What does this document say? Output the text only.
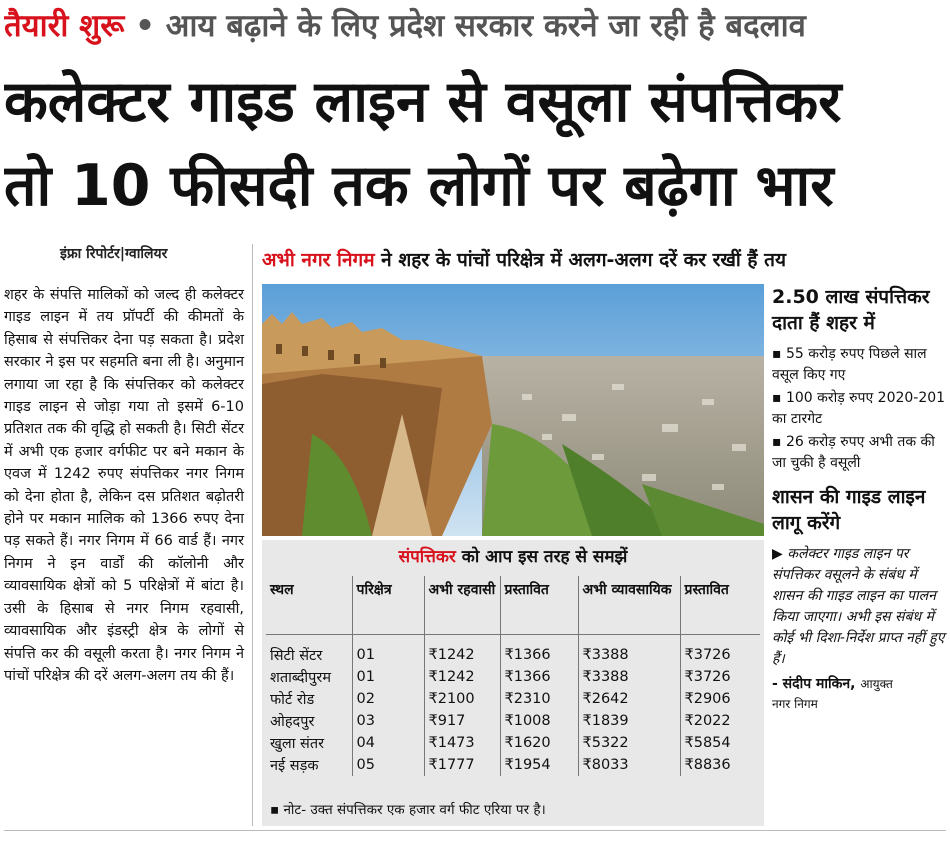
तैयारी शुरू • आय बढ़ाने के लिए प्रदेश सरकार करने जा रही है बदलाव
कलेक्टर गाइड लाइन से वसूला संपत्तिकर
तो 10 फीसदी तक लोगों पर बढ़ेगा भार
इंफ्रा रिपोर्टर|ग्वालियर
शहर के संपत्ति मालिकों को जल्द ही कलेक्टर गाइड लाइन में तय प्रॉपर्टी की कीमतों के हिसाब से संपत्तिकर देना पड़ सकता है। प्रदेश सरकार ने इस पर सहमति बना ली है। अनुमान लगाया जा रहा है कि संपत्तिकर को कलेक्टर गाइड लाइन से जोड़ा गया तो इसमें 6-10 प्रतिशत तक की वृद्धि हो सकती है। सिटी सेंटर में अभी एक हजार वर्गफीट पर बने मकान के एवज में 1242 रुपए संपत्तिकर नगर निगम को देना होता है, लेकिन दस प्रतिशत बढ़ोतरी होने पर मकान मालिक को 1366 रुपए देना पड़ सकते हैं। नगर निगम में 66 वार्ड हैं। नगर निगम ने इन वार्डों की कॉलोनी और व्यावसायिक क्षेत्रों को 5 परिक्षेत्रों में बांटा है। उसी के हिसाब से नगर निगम रहवासी, व्यावसायिक और इंडस्ट्री क्षेत्र के लोगों से संपत्ति कर की वसूली करता है। नगर निगम ने पांचों परिक्षेत्र की दरें अलग-अलग तय की हैं।
अभी नगर निगम ने शहर के पांचों परिक्षेत्र में अलग-अलग दरें कर रखीं हैं तय
2.50 लाख संपत्तिकर दाता हैं शहर में
▪ 55 करोड़ रुपए पिछले साल वसूल किए गए
▪ 100 करोड़ रुपए 2020-201 का टारगेट
▪ 26 करोड़ रुपए अभी तक की जा चुकी है वसूली
शासन की गाइड लाइन लागू करेंगे
▶ कलेक्टर गाइड लाइन पर संपत्तिकर वसूलने के संबंध में शासन की गाइड लाइन का पालन किया जाएगा। अभी इस संबंध में कोई भी दिशा-निर्देश प्राप्त नहीं हुए हैं।
- संदीप माकिन, आयुक्त
नगर निगम
संपत्तिकर को आप इस तरह से समझें
स्थल	परिक्षेत्र	अभी रहवासी	प्रस्तावित	अभी व्यावसायिक	प्रस्तावित
सिटी सेंटर	01	₹1242	₹1366	₹3388	₹3726
शताब्दीपुरम	01	₹1242	₹1366	₹3388	₹3726
फोर्ट रोड	02	₹2100	₹2310	₹2642	₹2906
ओहदपुर	03	₹917	₹1008	₹1839	₹2022
खुला संतर	04	₹1473	₹1620	₹5322	₹5854
नई सड़क	05	₹1777	₹1954	₹8033	₹8836
▪ नोट- उक्त संपत्तिकर एक हजार वर्ग फीट एरिया पर है।
